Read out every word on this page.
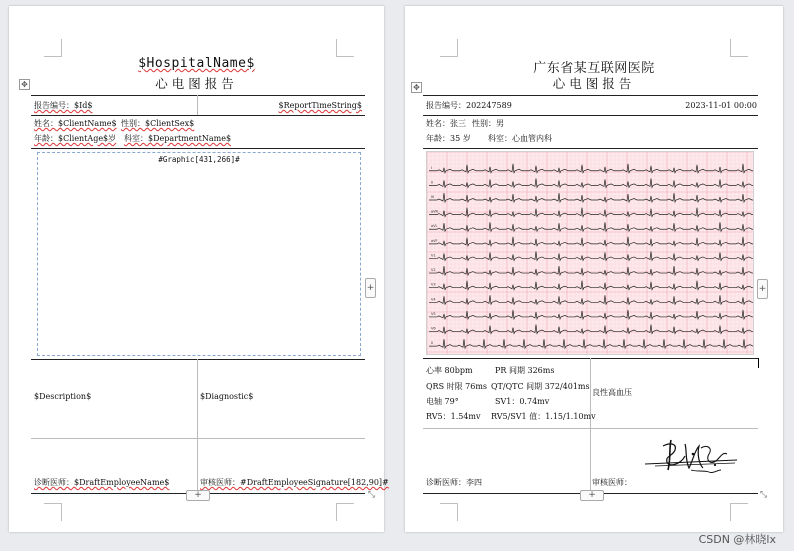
$HospitalName$
心电图报告
✥
报告编号：$Id$	$ReportTimeString$
姓名：$ClientName$ 性别：$ClientSex$
年龄：$ClientAge$岁 科室：$DepartmentName$
#Graphic[431,266]#
$Description$	$Diagnostic$
诊断医师：$DraftEmployeeName$	审核医师：#DraftEmployeeSignature[182,90]#
+	⤡
+
广东省某互联网医院
心电图报告
✥
报告编号：202247589	2023-11-01 00:00
姓名：张三 性别：男
年龄：35 岁 科室：心血管内科
I
II
III
aVR
aVL
aVF
V1
V2
V3
V4
V5
V6
II
心率 80bpm	PR 间期 326ms
QRS 时限 76ms QT/QTC 间期 372/401ms
电轴 79°	SV1：0.74mv
RV5：1.54mv RV5/SV1 值：1.15/1.10mv
良性高血压
诊断医师：李四	审核医师：
+	⤡
+
CSDN @林晓lx
